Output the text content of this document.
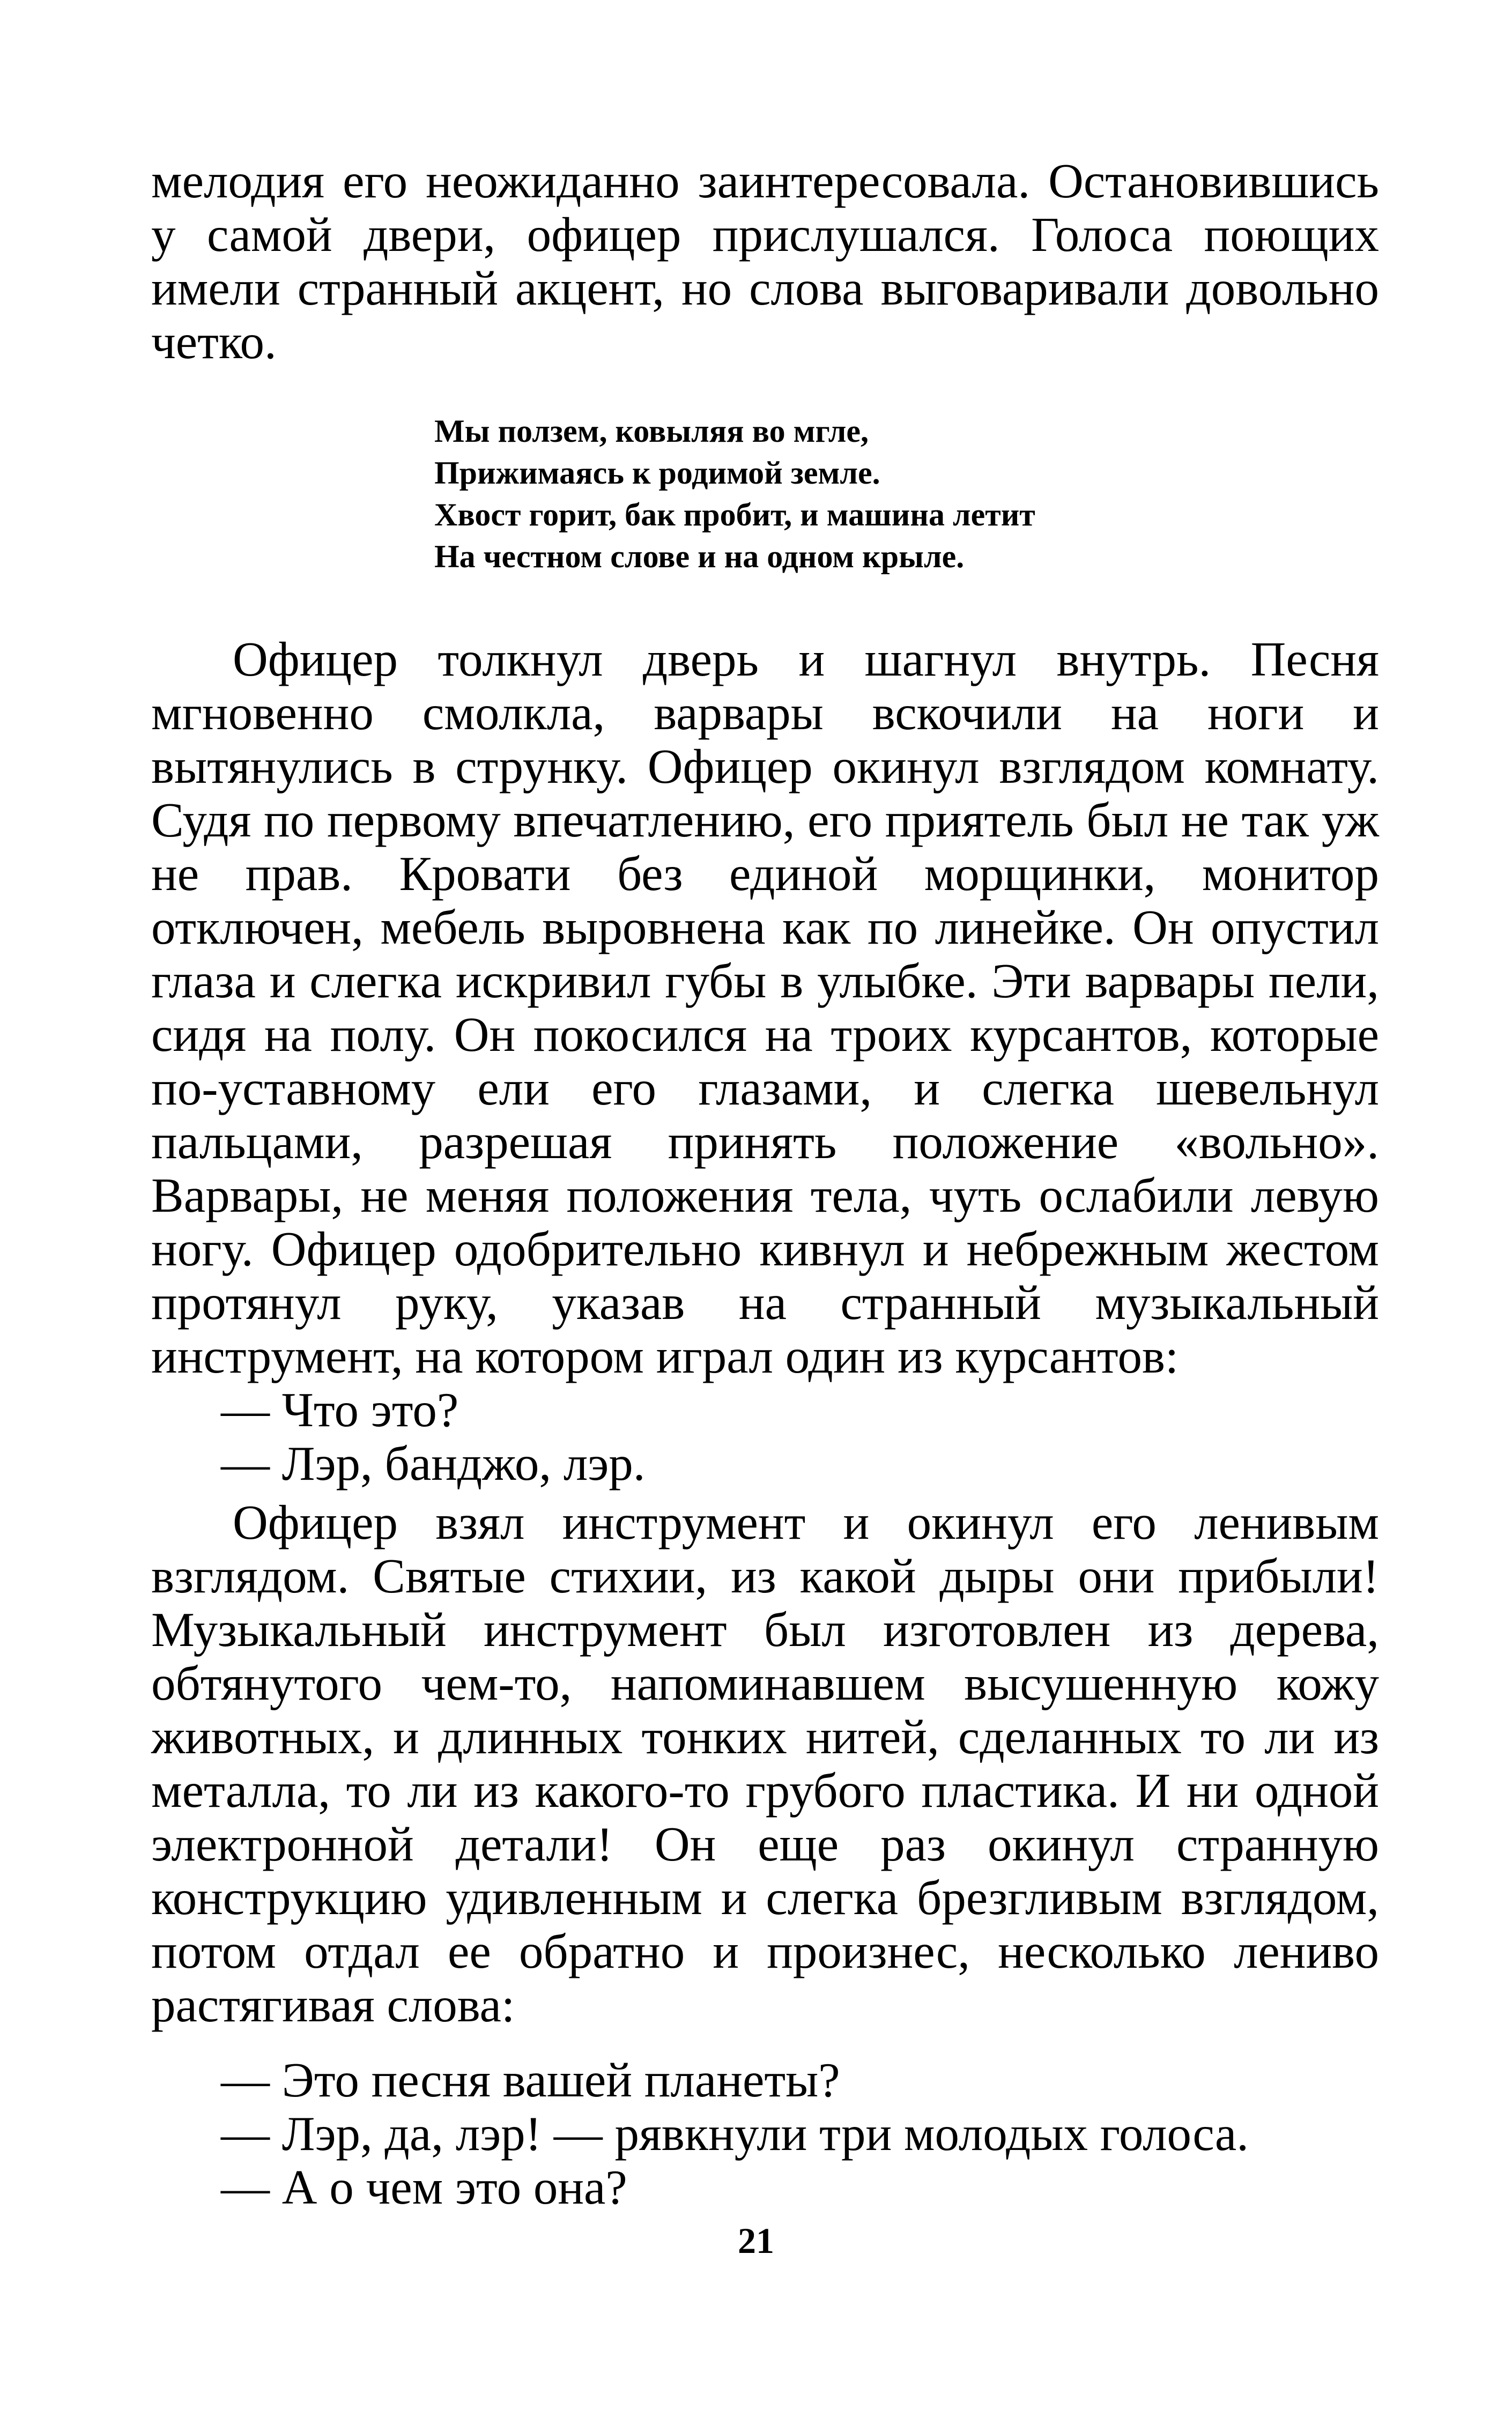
мелодия его неожиданно заинтересовала. Остановившись у самой двери, офицер прислушался. Голоса поющих имели странный акцент, но слова выговаривали довольно четко.

Мы ползем, ковыляя во мгле,
Прижимаясь к родимой земле.
Хвост горит, бак пробит, и машина летит
На честном слове и на одном крыле.

Офицер толкнул дверь и шагнул внутрь. Песня мгновенно смолкла, варвары вскочили на ноги и вытянулись в струнку. Офицер окинул взглядом комнату. Судя по первому впечатлению, его приятель был не так уж не прав. Кровати без единой морщинки, монитор отключен, мебель выровнена как по линейке. Он опустил глаза и слегка искривил губы в улыбке. Эти варвары пели, сидя на полу. Он покосился на троих курсантов, которые по-уставному ели его глазами, и слегка шевельнул пальцами, разрешая принять положение «вольно». Варвары, не меняя положения тела, чуть ослабили левую ногу. Офицер одобрительно кивнул и небрежным жестом протянул руку, указав на странный музыкальный инструмент, на котором играл один из курсантов:

— Что это?

— Лэр, банджо, лэр.

Офицер взял инструмент и окинул его ленивым взглядом. Святые стихии, из какой дыры они прибыли! Музыкальный инструмент был изготовлен из дерева, обтянутого чем-то, напоминавшем высушенную кожу животных, и длинных тонких нитей, сделанных то ли из металла, то ли из какого-то грубого пластика. И ни одной электронной детали! Он еще раз окинул странную конструкцию удивленным и слегка брезгливым взглядом, потом отдал ее обратно и произнес, несколько лениво растягивая слова:

— Это песня вашей планеты?

— Лэр, да, лэр! — рявкнули три молодых голоса.

— А о чем это она?

21
